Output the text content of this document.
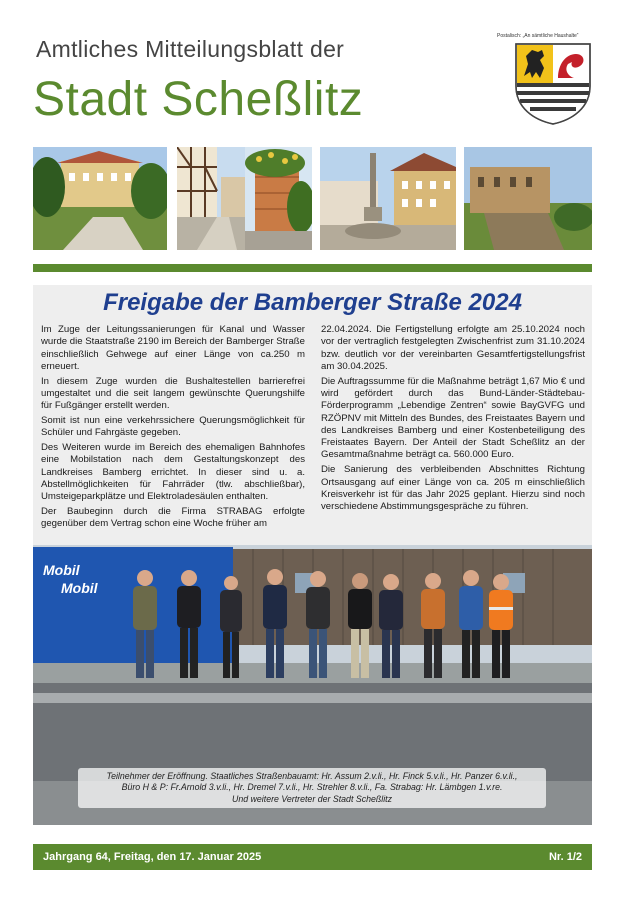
Amtliches Mitteilungsblatt der
Stadt Scheßlitz
Postalisch: „An sämtliche Haushalte“
Freigabe der Bamberger Straße 2024

Im Zuge der Leitungssanierungen für Kanal und Wasser wurde die Staatstraße 2190 im Bereich der Bamberger Straße einschließlich Gehwege auf einer Länge von ca.250 m erneuert.

In diesem Zuge wurden die Bushaltestellen barrierefrei umgestaltet und die seit langem gewünschte Querungshilfe für Fußgänger erstellt werden.

Somit ist nun eine verkehrssichere Querungsmöglichkeit für Schüler und Fahrgäste gegeben.

Des Weiteren wurde im Bereich des ehemaligen Bahnhofes eine Mobilstation nach dem Gestaltungskonzept des Landkreises Bamberg errichtet. In dieser sind u. a. Abstellmöglichkeiten für Fahrräder (tlw. abschließbar), Umsteigeparkplätze und Elektroladesäulen enthalten.

Der Baubeginn durch die Firma STRABAG erfolgte gegenüber dem Vertrag schon eine Woche früher am

22.04.2024. Die Fertigstellung erfolgte am 25.10.2024 noch vor der vertraglich festgelegten Zwischenfrist zum 31.10.2024 bzw. deutlich vor der vereinbarten Gesamtfertigstellungsfrist am 30.04.2025.

Die Auftragssumme für die Maßnahme beträgt 1,67 Mio € und wird gefördert durch das Bund-Länder-Städtebau-Förderprogramm „Lebendige Zentren“ sowie BayGVFG und RZÖPNV mit Mitteln des Bundes, des Freistaates Bayern und des Landkreises Bamberg und einer Kostenbeteiligung des Freistaates Bayern. Der Anteil der Stadt Scheßlitz an der Gesamtmaßnahme beträgt ca. 560.000 Euro.

Die Sanierung des verbleibenden Abschnittes Richtung Ortsausgang auf einer Länge von ca. 205 m einschließlich Kreisverkehr ist für das Jahr 2025 geplant. Hierzu sind noch verschiedene Abstimmungsgespräche zu führen.

Mobil
Mobil
Teilnehmer der Eröffnung. Staatliches Straßenbauamt: Hr. Assum 2.v.li., Hr. Finck 5.v.li., Hr. Panzer 6.v.li.,
Büro H & P: Fr.Arnold 3.v.li., Hr. Dremel 7.v.li., Hr. Strehler 8.v.li., Fa. Strabag: Hr. Lämbgen 1.v.re.
Und weitere Vertreter der Stadt Scheßlitz
Jahrgang 64, Freitag, den 17. Januar 2025	Nr. 1/2
